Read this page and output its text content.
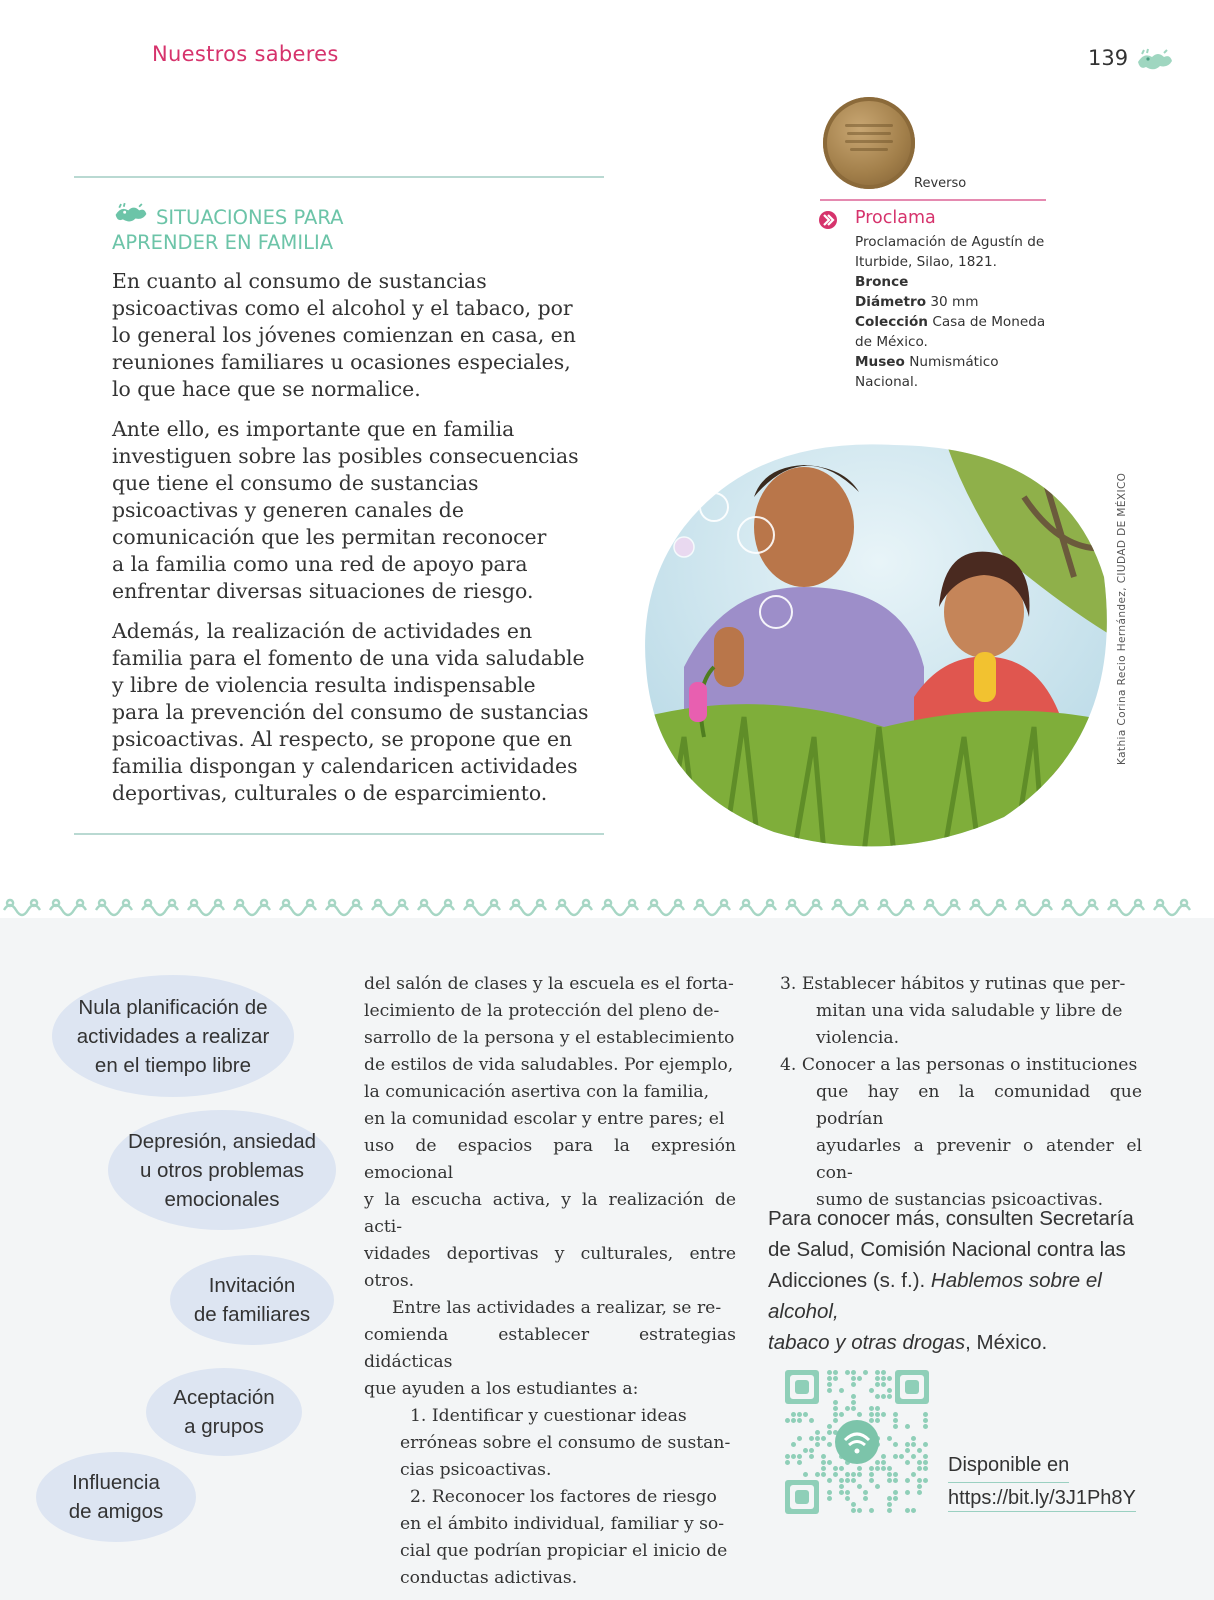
Nuestros saberes	139
SITUACIONES PARA
APRENDER EN FAMILIA

En cuanto al consumo de sustancias
psicoactivas como el alcohol y el tabaco, por
lo general los jóvenes comienzan en casa, en
reuniones familiares u ocasiones especiales,
lo que hace que se normalice.

Ante ello, es importante que en familia
investiguen sobre las posibles consecuencias
que tiene el consumo de sustancias
psicoactivas y generen canales de
comunicación que les permitan reconocer
a la familia como una red de apoyo para
enfrentar diversas situaciones de riesgo.

Además, la realización de actividades en
familia para el fomento de una vida saludable
y libre de violencia resulta indispensable
para la prevención del consumo de sustancias
psicoactivas. Al respecto, se propone que en
familia dispongan y calendaricen actividades
deportivas, culturales o de esparcimiento.

Reverso
Proclama
Proclamación de Agustín de Iturbide, Silao, 1821.
Bronce
Diámetro 30 mm
Colección Casa de Moneda de México.
Museo Numismático Nacional.
Kathia Corina Recio Hernández, CIUDAD DE MÉXICO
Nula planificación de
actividades a realizar
en el tiempo libre
Depresión, ansiedad
u otros problemas
emocionales
Invitación
de familiares
Aceptación
a grupos
Influencia
de amigos

del salón de clases y la escuela es el forta-
lecimiento de la protección del pleno de-
sarrollo de la persona y el establecimiento
de estilos de vida saludables. Por ejemplo,
la comunicación asertiva con la familia,
en la comunidad escolar y entre pares; el
uso de espacios para la expresión emocional
y la escucha activa, y la realización de acti-
vidades deportivas y culturales, entre otros.

Entre las actividades a realizar, se re-
comienda establecer estrategias didácticas
que ayuden a los estudiantes a:

1. Identificar y cuestionar ideas
erróneas sobre el consumo de sustan-
cias psicoactivas.

2. Reconocer los factores de riesgo
en el ámbito individual, familiar y so-
cial que podrían propiciar el inicio de
conductas adictivas.

3. Establecer hábitos y rutinas que per-
mitan una vida saludable y libre de
violencia.

4. Conocer a las personas o instituciones
que hay en la comunidad que podrían
ayudarles a prevenir o atender el con-
sumo de sustancias psicoactivas.

Para conocer más, consulten Secretaría
de Salud, Comisión Nacional contra las
Adicciones (s. f.). Hablemos sobre el alcohol,
tabaco y otras drogas, México.
Disponible en
https://bit.ly/3J1Ph8Y
